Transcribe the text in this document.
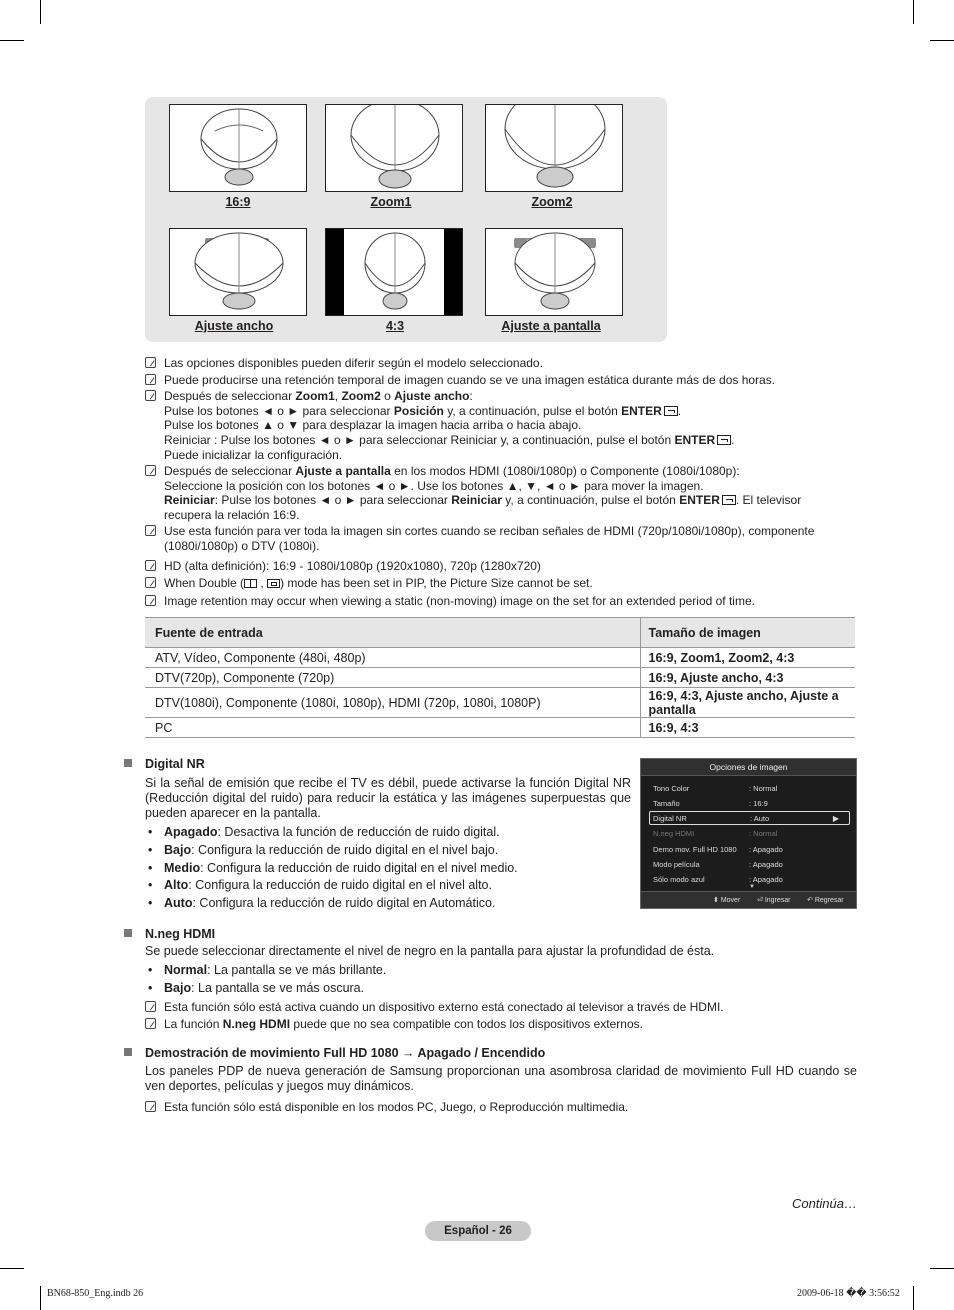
16:9	Zoom1	Zoom2
Ajuste ancho	4:3	Ajuste a pantalla
Las opciones disponibles pueden diferir según el modelo seleccionado.
Puede producirse una retención temporal de imagen cuando se ve una imagen estática durante más de dos horas.
Después de seleccionar Zoom1, Zoom2 o Ajuste ancho:
Pulse los botones ◄ o ► para seleccionar Posición y, a continuación, pulse el botón ENTER .
Pulse los botones ▲ o ▼ para desplazar la imagen hacia arriba o hacia abajo.
Reiniciar : Pulse los botones ◄ o ► para seleccionar Reiniciar y, a continuación, pulse el botón ENTER .
Puede inicializar la configuración.
Después de seleccionar Ajuste a pantalla en los modos HDMI (1080i/1080p) o Componente (1080i/1080p):
Seleccione la posición con los botones ◄ o ►. Use los botones ▲, ▼, ◄ o ► para mover la imagen.
Reiniciar: Pulse los botones ◄ o ► para seleccionar Reiniciar y, a continuación, pulse el botón ENTER . El televisor
recupera la relación 16:9.
Use esta función para ver toda la imagen sin cortes cuando se reciban señales de HDMI (720p/1080i/1080p), componente
(1080i/1080p) o DTV (1080i).
HD (alta definición): 16:9 - 1080i/1080p (1920x1080), 720p (1280x720)
When Double (
,
) mode has been set in PIP, the Picture Size cannot be set.
Image retention may occur when viewing a static (non-moving) image on the set for an extended period of time.
Fuente de entrada	Tamaño de imagen
ATV, Vídeo, Componente (480i, 480p)	16:9, Zoom1, Zoom2, 4:3
DTV(720p), Componente (720p)	16:9, Ajuste ancho, 4:3
DTV(1080i), Componente (1080i, 1080p), HDMI (720p, 1080i, 1080P)	16:9, 4:3, Ajuste ancho, Ajuste a pantalla
PC	16:9, 4:3
Digital NR
Si la señal de emisión que recibe el TV es débil, puede activarse la función Digital NR (Reducción digital del ruido) para reducir la estática y las imágenes superpuestas que pueden aparecer en la pantalla.
• Apagado: Desactiva la función de reducción de ruido digital.
• Bajo: Configura la reducción de ruido digital en el nivel bajo.
• Medio: Configura la reducción de ruido digital en el nivel medio.
• Alto: Configura la reducción de ruido digital en el nivel alto.
• Auto: Configura la reducción de ruido digital en Automático.
Opciones de imagen
Tono Color	: Normal
Tamaño	: 16:9
Digital NR	: Auto	▶
N.neg HDMI	: Normal
Demo mov. Full HD 1080 : Apagado
Modo película	: Apagado
Sólo modo azul	: Apagado
▼
⬍ Mover ⏎ Ingresar ↶ Regresar
N.neg HDMI
Se puede seleccionar directamente el nivel de negro en la pantalla para ajustar la profundidad de ésta.
• Normal: La pantalla se ve más brillante.
• Bajo: La pantalla se ve más oscura.
Esta función sólo está activa cuando un dispositivo externo está conectado al televisor a través de HDMI.
La función N.neg HDMI puede que no sea compatible con todos los dispositivos externos.
Demostración de movimiento Full HD 1080 → Apagado / Encendido
Los paneles PDP de nueva generación de Samsung proporcionan una asombrosa claridad de movimiento Full HD cuando se ven deportes, películas y juegos muy dinámicos.
Esta función sólo está disponible en los modos PC, Juego, o Reproducción multimedia.
Continúa…
Español - 26
BN68-850_Eng.indb 26	2009-06-18 �� 3:56:52
